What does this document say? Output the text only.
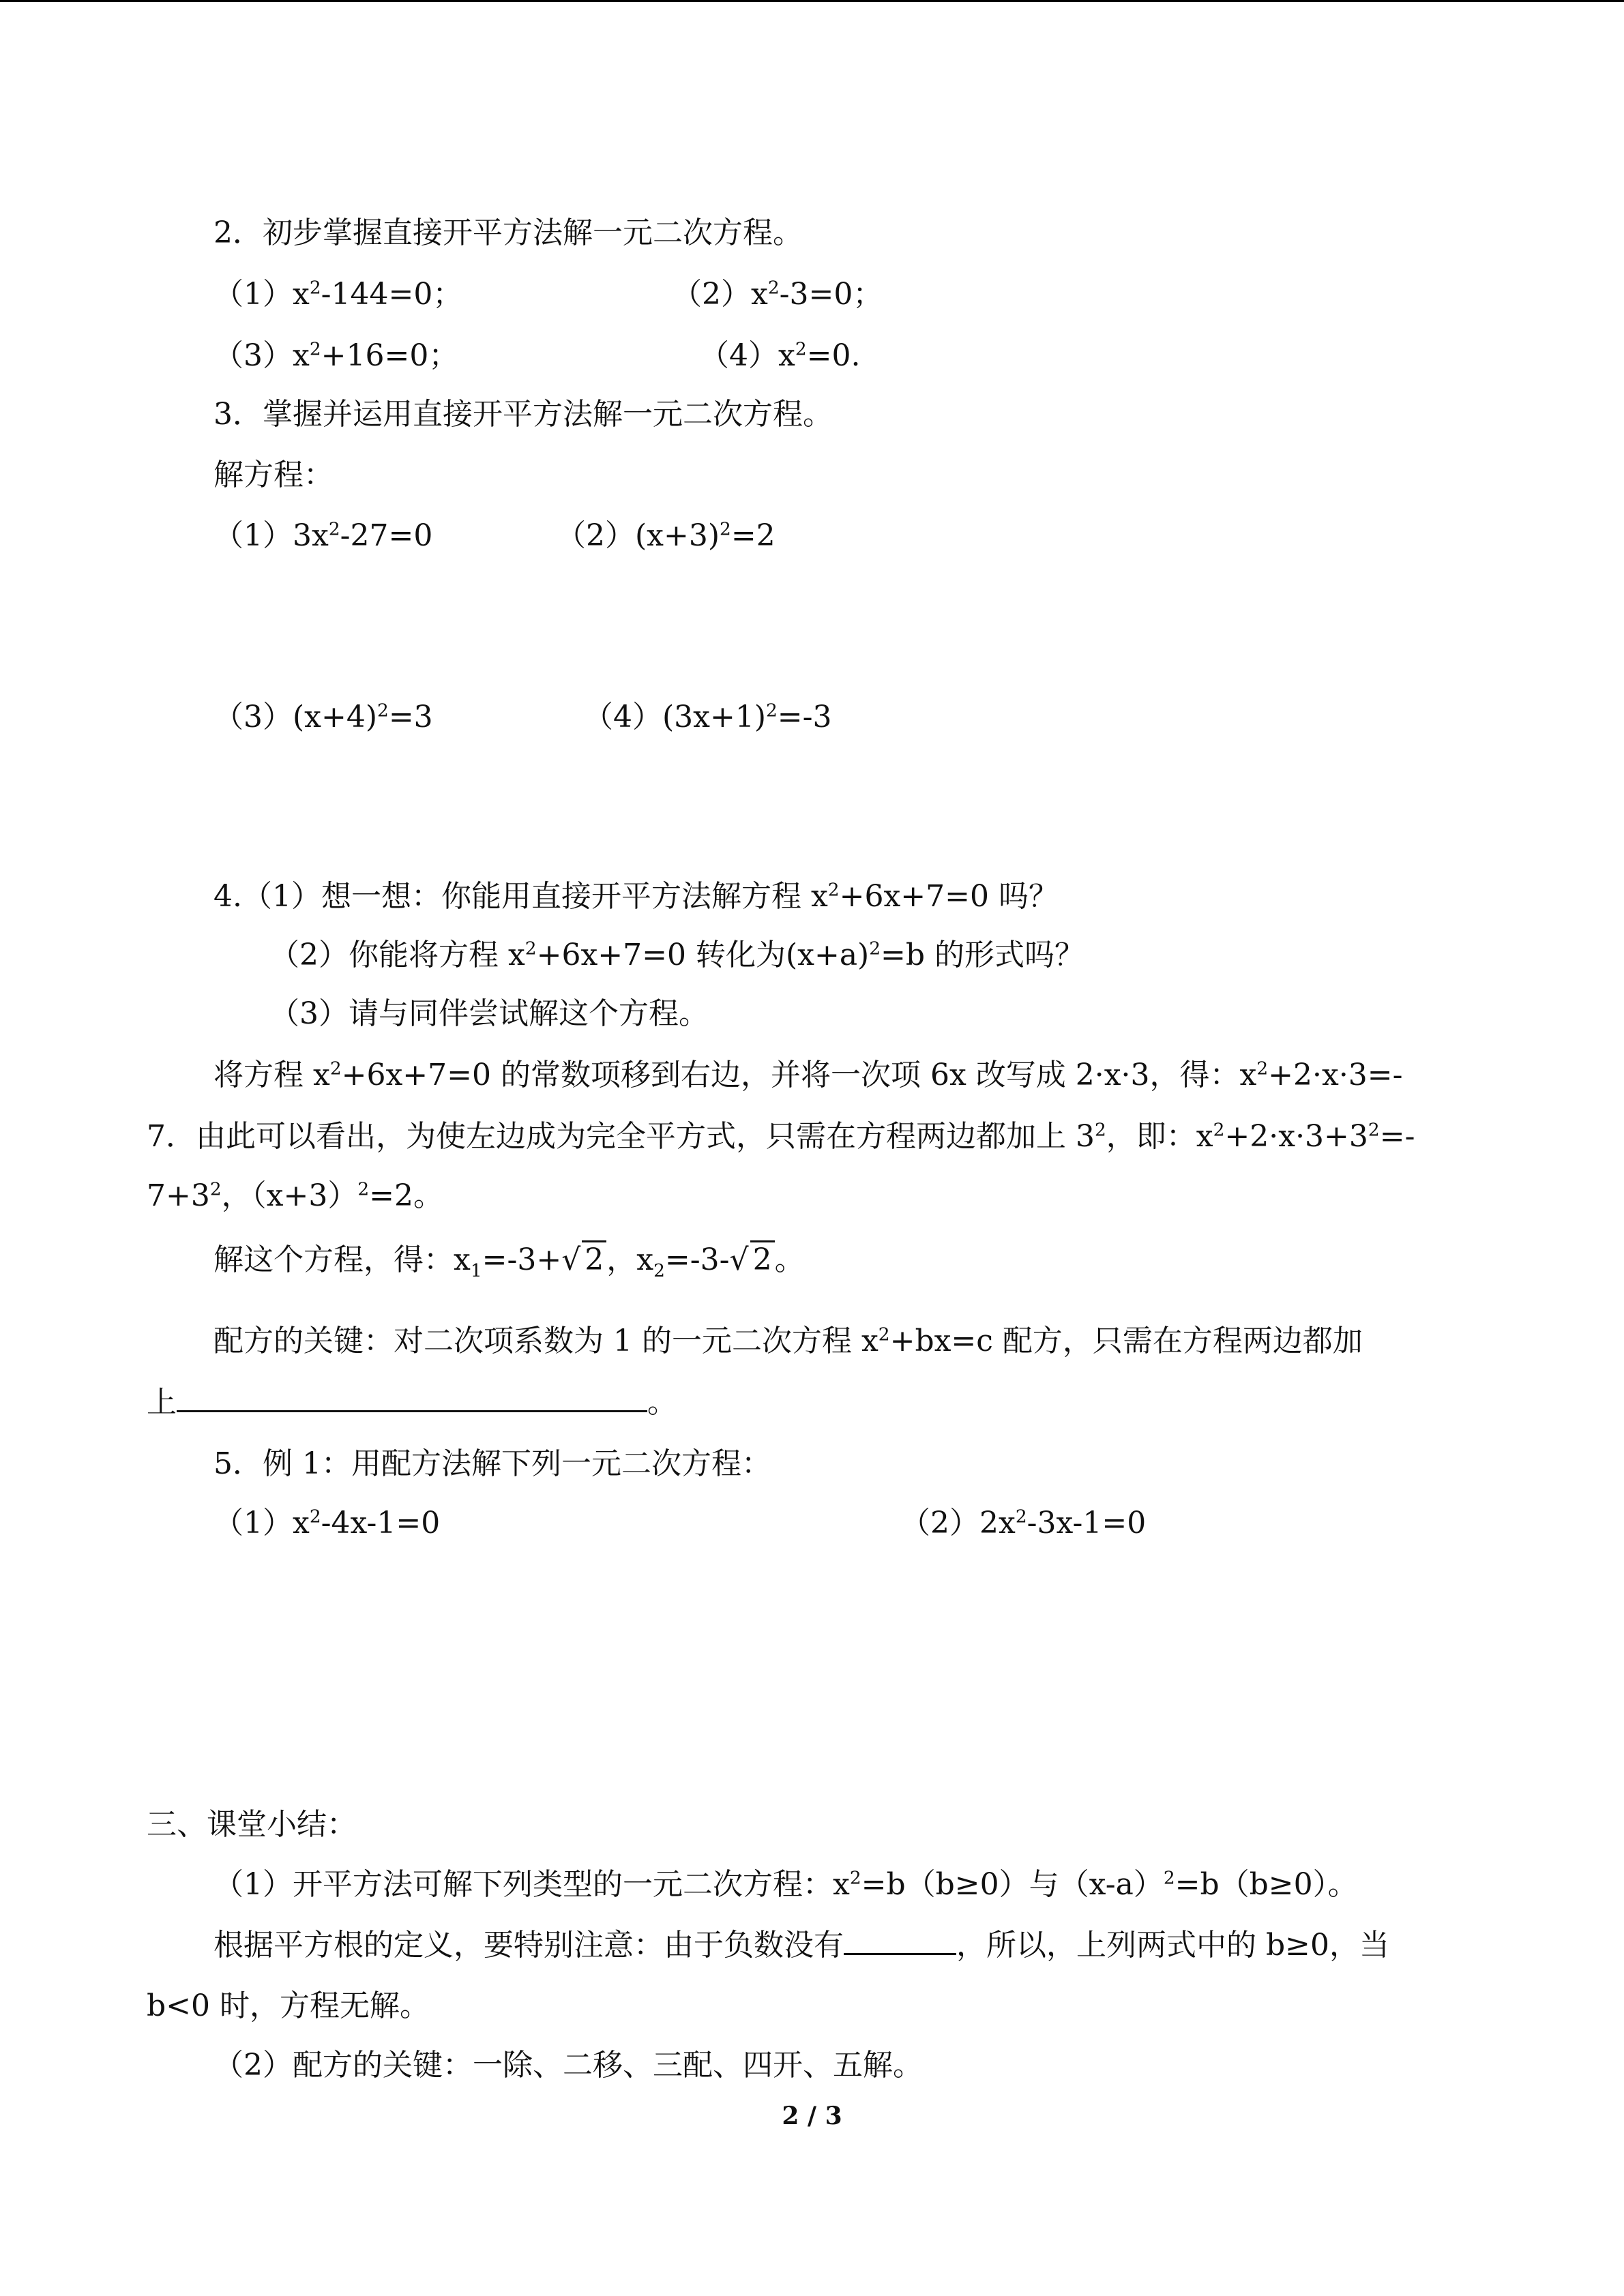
2．初步掌握直接开平方法解一元二次方程。
$(1)x^2-144=0$；	$(2)x^2-3=0$；
$(3)x^2+16=0$；	$(4)x^2=0$.
3．掌握并运用直接开平方法解一元二次方程。
解方程：
$(1)3x^2-27=0$	$(2)(x+3)^2=2$
$(3)(x+4)^2=3$	$(4)(3x+1)^2=-3$
4.（1）想一想：你能用直接开平方法解方程 $x^2+6x+7=0$ 吗？
（2）你能将方程 $x^2+6x+7=0$ 转化为$(x+a)^2=b$ 的形式吗？
（3）请与同伴尝试解这个方程。
将方程 $x^2+6x+7=0$ 的常数项移到右边，并将一次项 6x 改写成 2·x·3，得：$x^2+2\cdot x\cdot 3=-$
7．由此可以看出，为使左边成为完全平方式，只需在方程两边都加上 $3^2$，即：$x^2+2\cdot x\cdot 3+3^2=-$
$7+3^2$，$(x+3)^2=2$。
解这个方程，得：$x_1=-3+√$ 2，$x_2=-3-√$ 2。
配方的关键：对二次项系数为 1 的一元二次方程 $x^2+bx=c$ 配方，只需在方程两边都加
上	。
5．例 1：用配方法解下列一元二次方程：
$(1)x^2-4x-1=0$	$(2)2x^2-3x-1=0$
三、课堂小结：
（1）开平方法可解下列类型的一元二次方程：$x^2=b(b\ge 0)$与$(x-a)^2=b(b\ge 0)$。
根据平方根的定义，要特别注意：由于负数没有	，所以，上列两式中的 b≥0，当
b<0 时，方程无解。
（2）配方的关键：一除、二移、三配、四开、五解。
2 / 3
